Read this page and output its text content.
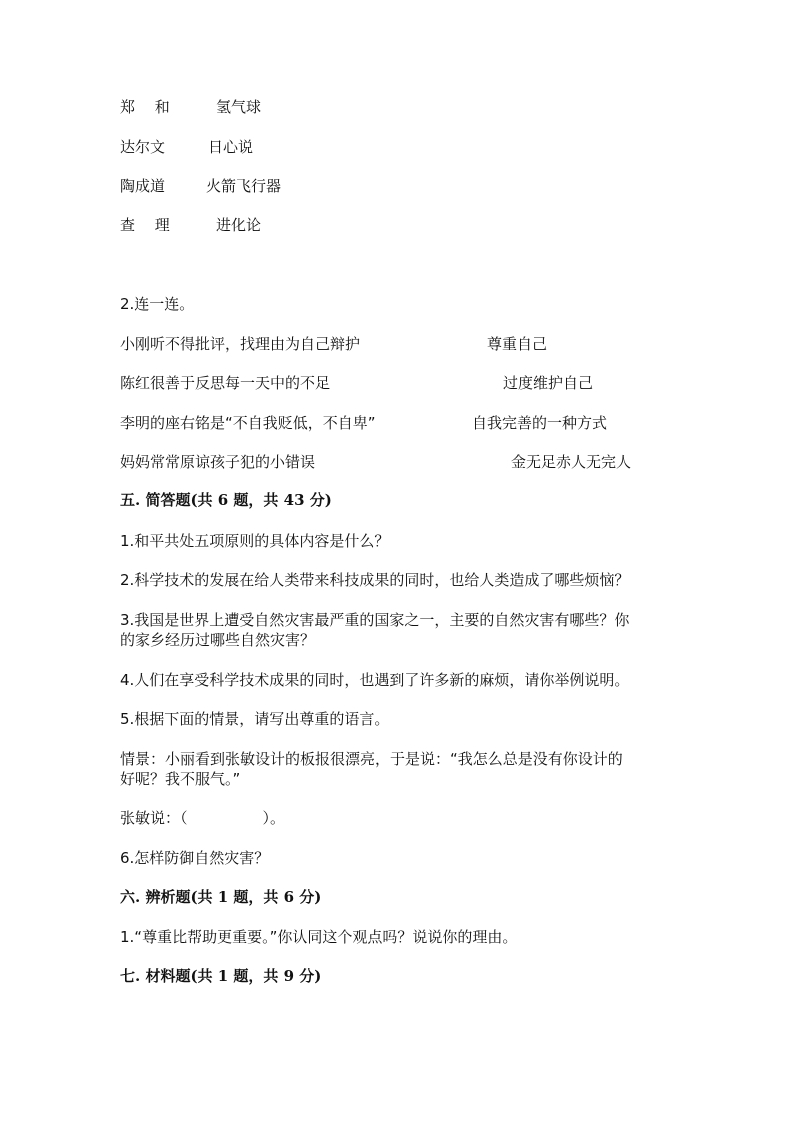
郑　 和	氢气球
达尔文	日心说
陶成道	火箭飞行器
查　 理	进化论
2.连一连。
小刚听不得批评，找理由为自己辩护	尊重自己
陈红很善于反思每一天中的不足	过度维护自己
李明的座右铭是“不自我贬低，不自卑”	自我完善的一种方式
妈妈常常原谅孩子犯的小错误	金无足赤人无完人
五. 简答题(共 6 题，共 43 分)
1.和平共处五项原则的具体内容是什么？
2.科学技术的发展在给人类带来科技成果的同时，也给人类造成了哪些烦恼？
3.我国是世界上遭受自然灾害最严重的国家之一，主要的自然灾害有哪些？你
的家乡经历过哪些自然灾害？
4.人们在享受科学技术成果的同时，也遇到了许多新的麻烦，请你举例说明。
5.根据下面的情景，请写出尊重的语言。
情景：小丽看到张敏设计的板报很漂亮，于是说：“我怎么总是没有你设计的
好呢？我不服气。”
张敏说：（　　　　　）。
6.怎样防御自然灾害？
六. 辨析题(共 1 题，共 6 分)
1.“尊重比帮助更重要。”你认同这个观点吗？说说你的理由。
七. 材料题(共 1 题，共 9 分)
